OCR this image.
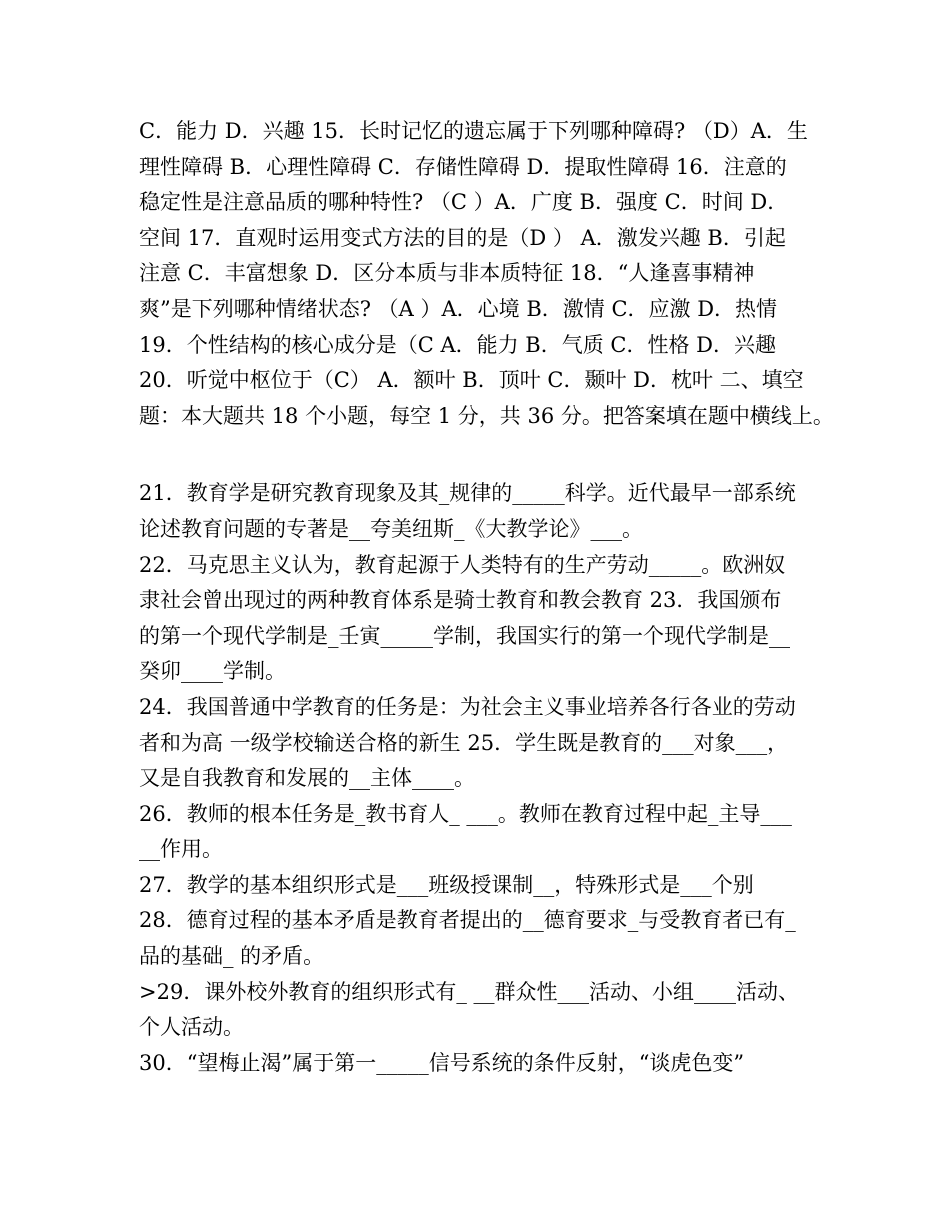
C．能力 D．兴趣 15．长时记忆的遗忘属于下列哪种障碍? （D）A．生
理性障碍 B．心理性障碍 C．存储性障碍 D．提取性障碍 16．注意的
稳定性是注意品质的哪种特性? （C ）A．广度 B．强度 C．时间 D．
空间 17．直观时运用变式方法的目的是（D ） A．激发兴趣 B．引起
注意 C．丰富想象 D．区分本质与非本质特征 18．“人逢喜事精神
爽”是下列哪种情绪状态? （A ）A．心境 B．激情 C．应激 D．热情
19．个性结构的核心成分是（C A．能力 B．气质 C．性格 D．兴趣
20．听觉中枢位于（C） A．额叶 B．顶叶 C．颞叶 D．枕叶 二、填空
题：本大题共 18 个小题，每空 1 分，共 36 分。把答案填在题中横线上。
21．教育学是研究教育现象及其_规律的_____科学。近代最早一部系统
论述教育问题的专著是__夸美纽斯_《大教学论》___。
22．马克思主义认为，教育起源于人类特有的生产劳动_____。欧洲奴
隶社会曾出现过的两种教育体系是骑士教育和教会教育 23．我国颁布
的第一个现代学制是_壬寅_____学制，我国实行的第一个现代学制是__
癸卯____学制。
24．我国普通中学教育的任务是：为社会主义事业培养各行各业的劳动
者和为高 一级学校输送合格的新生 25．学生既是教育的___对象___，
又是自我教育和发展的__主体____。
26．教师的根本任务是_教书育人_ ___。教师在教育过程中起_主导___
__作用。
27．教学的基本组织形式是___班级授课制__，特殊形式是___个别
28．德育过程的基本矛盾是教育者提出的__德育要求_与受教育者已有_
品的基础_ 的矛盾。
>29．课外校外教育的组织形式有_ __群众性___活动、小组____活动、
个人活动。
30．“望梅止渴”属于第一_____信号系统的条件反射，“谈虎色变”
